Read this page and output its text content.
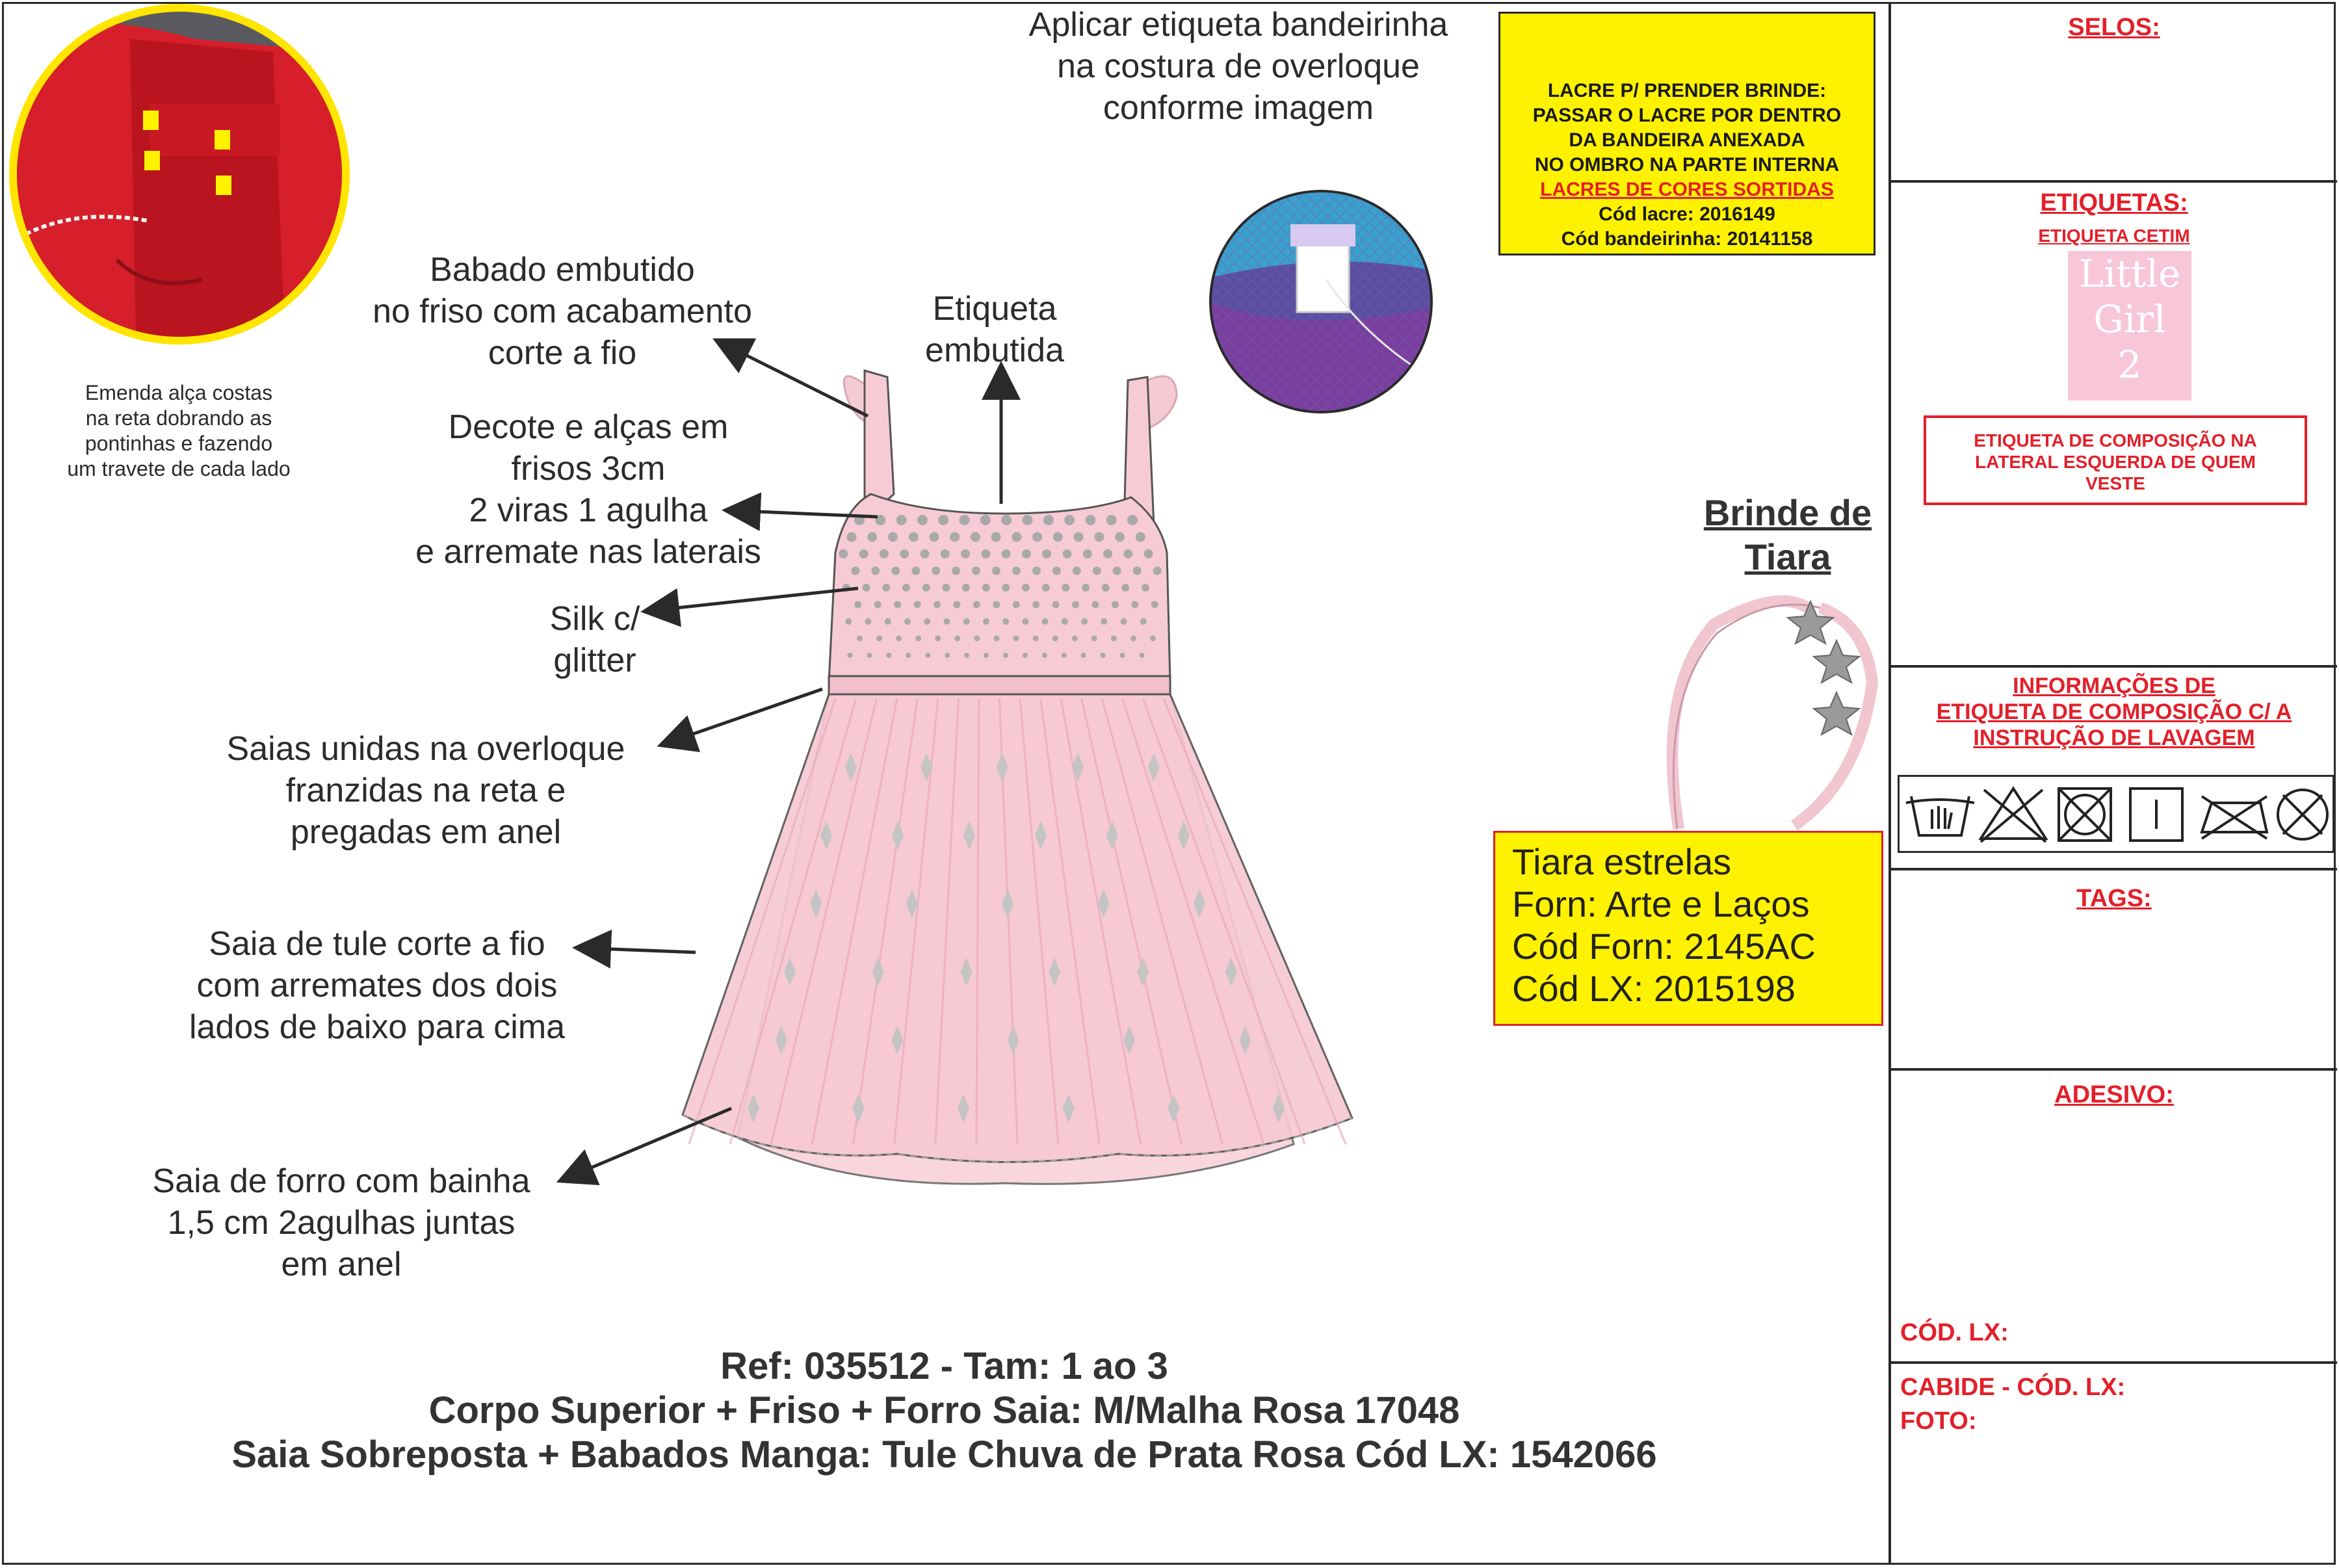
Emenda alça costas
na reta dobrando as
pontinhas e fazendo
um travete de cada lado
Aplicar etiqueta bandeirinha
na costura de overloque
conforme imagem
Babado embutido
no friso com acabamento
corte a fio
Etiqueta
embutida
Decote e alças em
frisos 3cm
2 viras 1 agulha
e arremate nas laterais
Silk c/
glitter
Saias unidas na overloque
franzidas na reta e
pregadas em anel
Saia de tule corte a fio
com arremates dos dois
lados de baixo para cima
Saia de forro com bainha
1,5 cm 2agulhas juntas
em anel
LACRE P/ PRENDER BRINDE:
PASSAR O LACRE POR DENTRO
DA BANDEIRA ANEXADA
NO OMBRO NA PARTE INTERNA
LACRES DE CORES SORTIDAS
Cód lacre: 2016149
Cód bandeirinha: 20141158
Brinde de
Tiara
Tiara estrelas
Forn: Arte e Laços
Cód Forn: 2145AC
Cód LX: 2015198
Ref: 035512 - Tam: 1 ao 3
Corpo Superior + Friso + Forro Saia: M/Malha Rosa 17048
Saia Sobreposta + Babados Manga: Tule Chuva de Prata Rosa Cód LX: 1542066
SELOS:
ETIQUETAS:
ETIQUETA CETIM
Little
Girl
2
ETIQUETA DE COMPOSIÇÃO NA LATERAL ESQUERDA DE QUEM VESTE
INFORMAÇÕES DE
ETIQUETA DE COMPOSIÇÃO C/ A
INSTRUÇÃO DE LAVAGEM
TAGS:
ADESIVO:
CÓD. LX:
CABIDE - CÓD. LX:
FOTO:
